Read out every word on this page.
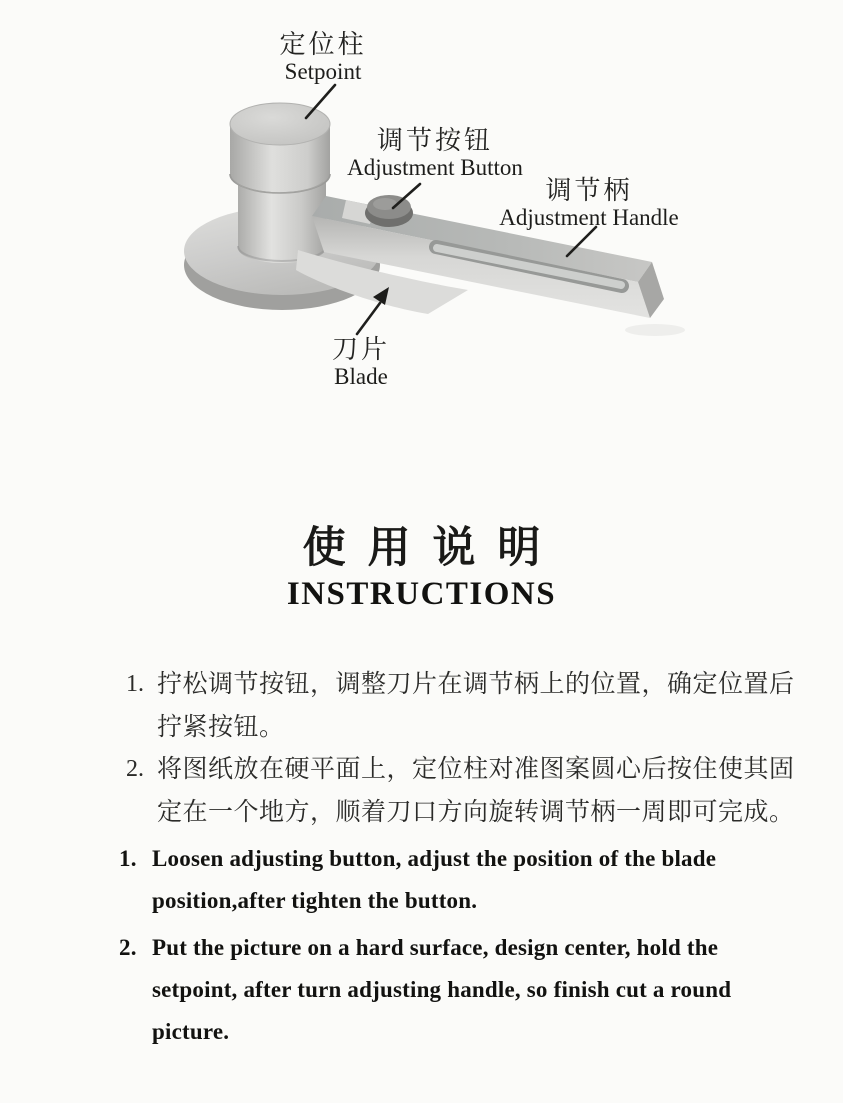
定位柱
Setpoint
调节按钮
Adjustment Button
调节柄
Adjustment Handle
刀片
Blade
使 用 说 明
INSTRUCTIONS
1. 拧松调节按钮，调整刀片在调节柄上的位置，确定位置后
拧紧按钮。
2. 将图纸放在硬平面上，定位柱对准图案圆心后按住使其固
定在一个地方，顺着刀口方向旋转调节柄一周即可完成。
1. Loosen adjusting button, adjust the position of the blade
position,after tighten the button.
2. Put the picture on a hard surface, design center, hold the
setpoint, after turn adjusting handle, so finish cut a round
picture.
